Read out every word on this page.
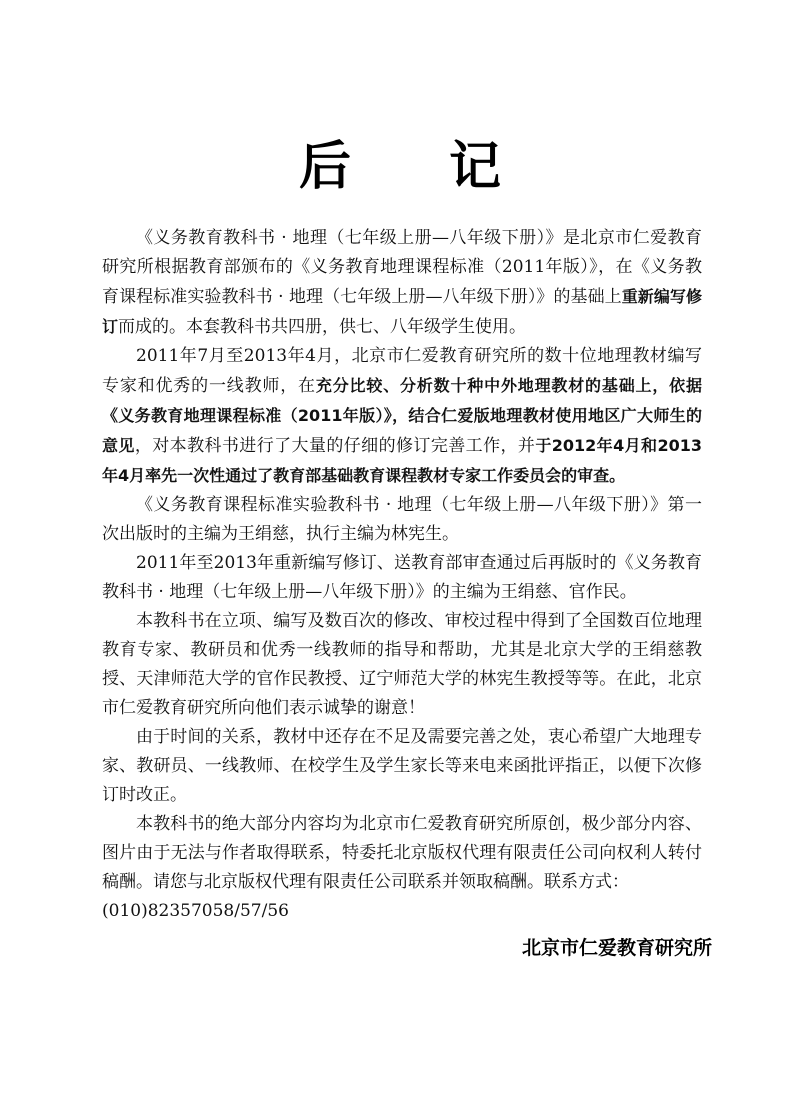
后 记

《义务教育教科书 · 地理（七年级上册—八年级下册）》是北京市仁爱教育研究所根据教育部颁布的《义务教育地理课程标准（2011年版）》，在《义务教育课程标准实验教科书 · 地理（七年级上册—八年级下册）》的基础上重新编写修订而成的。本套教科书共四册，供七、八年级学生使用。

2011年7月至2013年4月，北京市仁爱教育研究所的数十位地理教材编写专家和优秀的一线教师，在充分比较、分析数十种中外地理教材的基础上，依据《义务教育地理课程标准（2011年版）》，结合仁爱版地理教材使用地区广大师生的意见，对本教科书进行了大量的仔细的修订完善工作，并于2012年4月和2013年4月率先一次性通过了教育部基础教育课程教材专家工作委员会的审查。

《义务教育课程标准实验教科书 · 地理（七年级上册—八年级下册）》第一次出版时的主编为王绢慈，执行主编为林宪生。

2011年至2013年重新编写修订、送教育部审查通过后再版时的《义务教育教科书 · 地理（七年级上册—八年级下册）》的主编为王绢慈、官作民。

本教科书在立项、编写及数百次的修改、审校过程中得到了全国数百位地理教育专家、教研员和优秀一线教师的指导和帮助，尤其是北京大学的王绢慈教授、天津师范大学的官作民教授、辽宁师范大学的林宪生教授等等。在此，北京市仁爱教育研究所向他们表示诚挚的谢意！

由于时间的关系，教材中还存在不足及需要完善之处，衷心希望广大地理专家、教研员、一线教师、在校学生及学生家长等来电来函批评指正，以便下次修订时改正。

本教科书的绝大部分内容均为北京市仁爱教育研究所原创，极少部分内容、图片由于无法与作者取得联系，特委托北京版权代理有限责任公司向权利人转付稿酬。请您与北京版权代理有限责任公司联系并领取稿酬。联系方式：

(010)82357058/57/56

北京市仁爱教育研究所
